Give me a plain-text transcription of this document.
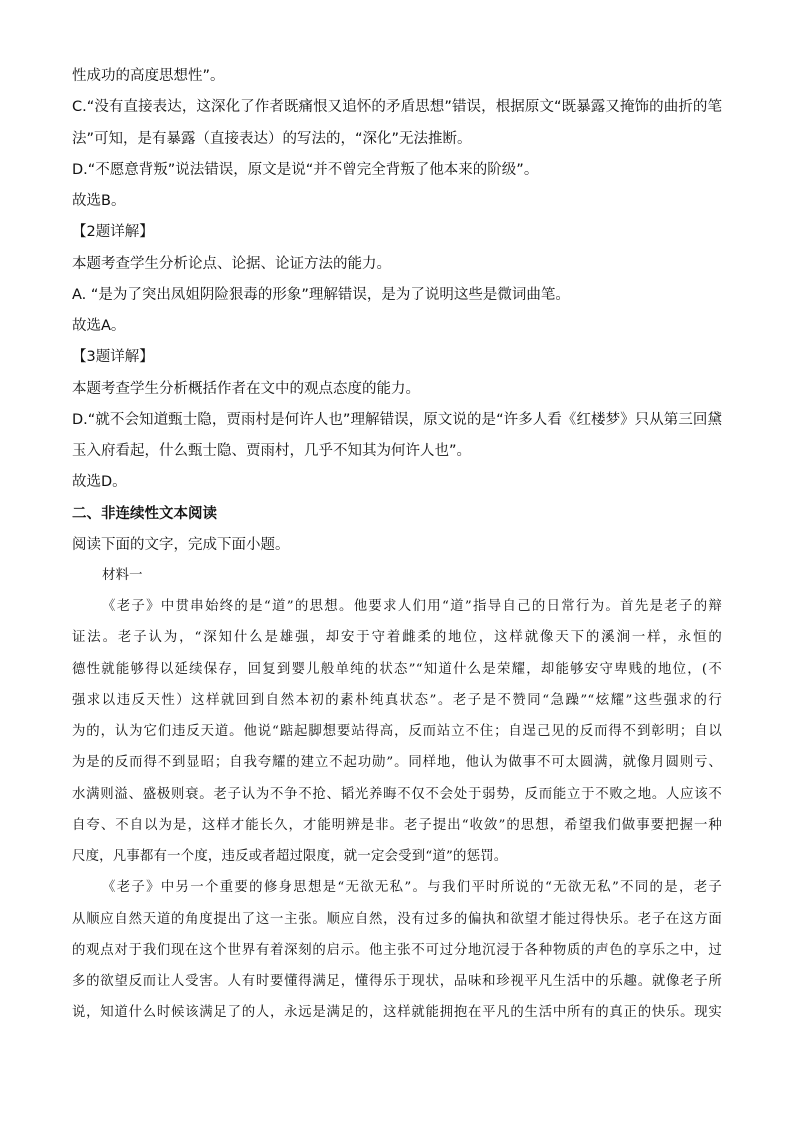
性成功的高度思想性”。
C.“没有直接表达，这深化了作者既痛恨又追怀的矛盾思想”错误，根据原文“既暴露又掩饰的曲折的笔
法”可知，是有暴露（直接表达）的写法的，“深化”无法推断。
D.“不愿意背叛”说法错误，原文是说“并不曾完全背叛了他本来的阶级”。
故选B。
【2题详解】
本题考查学生分析论点、论据、论证方法的能力。
A. “是为了突出凤姐阴险狠毒的形象”理解错误，是为了说明这些是微词曲笔。
故选A。
【3题详解】
本题考查学生分析概括作者在文中的观点态度的能力。
D.“就不会知道甄士隐，贾雨村是何许人也”理解错误，原文说的是“许多人看《红楼梦》只从第三回黛
玉入府看起，什么甄士隐、贾雨村，几乎不知其为何许人也”。
故选D。
二、非连续性文本阅读
阅读下面的文字，完成下面小题。
材料一
《老子》中贯串始终的是“道”的思想。他要求人们用“道”指导自己的日常行为。首先是老子的辩
证法。老子认为，“深知什么是雄强，却安于守着雌柔的地位，这样就像天下的溪涧一样，永恒的
德性就能够得以延续保存，回复到婴儿般单纯的状态”“知道什么是荣耀，却能够安守卑贱的地位，(不
强求以违反天性）这样就回到自然本初的素朴纯真状态”。老子是不赞同“急躁”“炫耀”这些强求的行
为的，认为它们违反天道。他说“踮起脚想要站得高，反而站立不住；自逞己见的反而得不到彰明；自以
为是的反而得不到显昭；自我夸耀的建立不起功勋”。同样地，他认为做事不可太圆满，就像月圆则亏、
水满则溢、盛极则衰。老子认为不争不抢、韬光养晦不仅不会处于弱势，反而能立于不败之地。人应该不
自夸、不自以为是，这样才能长久，才能明辨是非。老子提出“收敛”的思想，希望我们做事要把握一种
尺度，凡事都有一个度，违反或者超过限度，就一定会受到“道”的惩罚。
《老子》中另一个重要的修身思想是“无欲无私”。与我们平时所说的“无欲无私”不同的是，老子
从顺应自然天道的角度提出了这一主张。顺应自然，没有过多的偏执和欲望才能过得快乐。老子在这方面
的观点对于我们现在这个世界有着深刻的启示。他主张不可过分地沉浸于各种物质的声色的享乐之中，过
多的欲望反而让人受害。人有时要懂得满足，懂得乐于现状，品味和珍视平凡生活中的乐趣。就像老子所
说，知道什么时候该满足了的人，永远是满足的，这样就能拥抱在平凡的生活中所有的真正的快乐。现实
